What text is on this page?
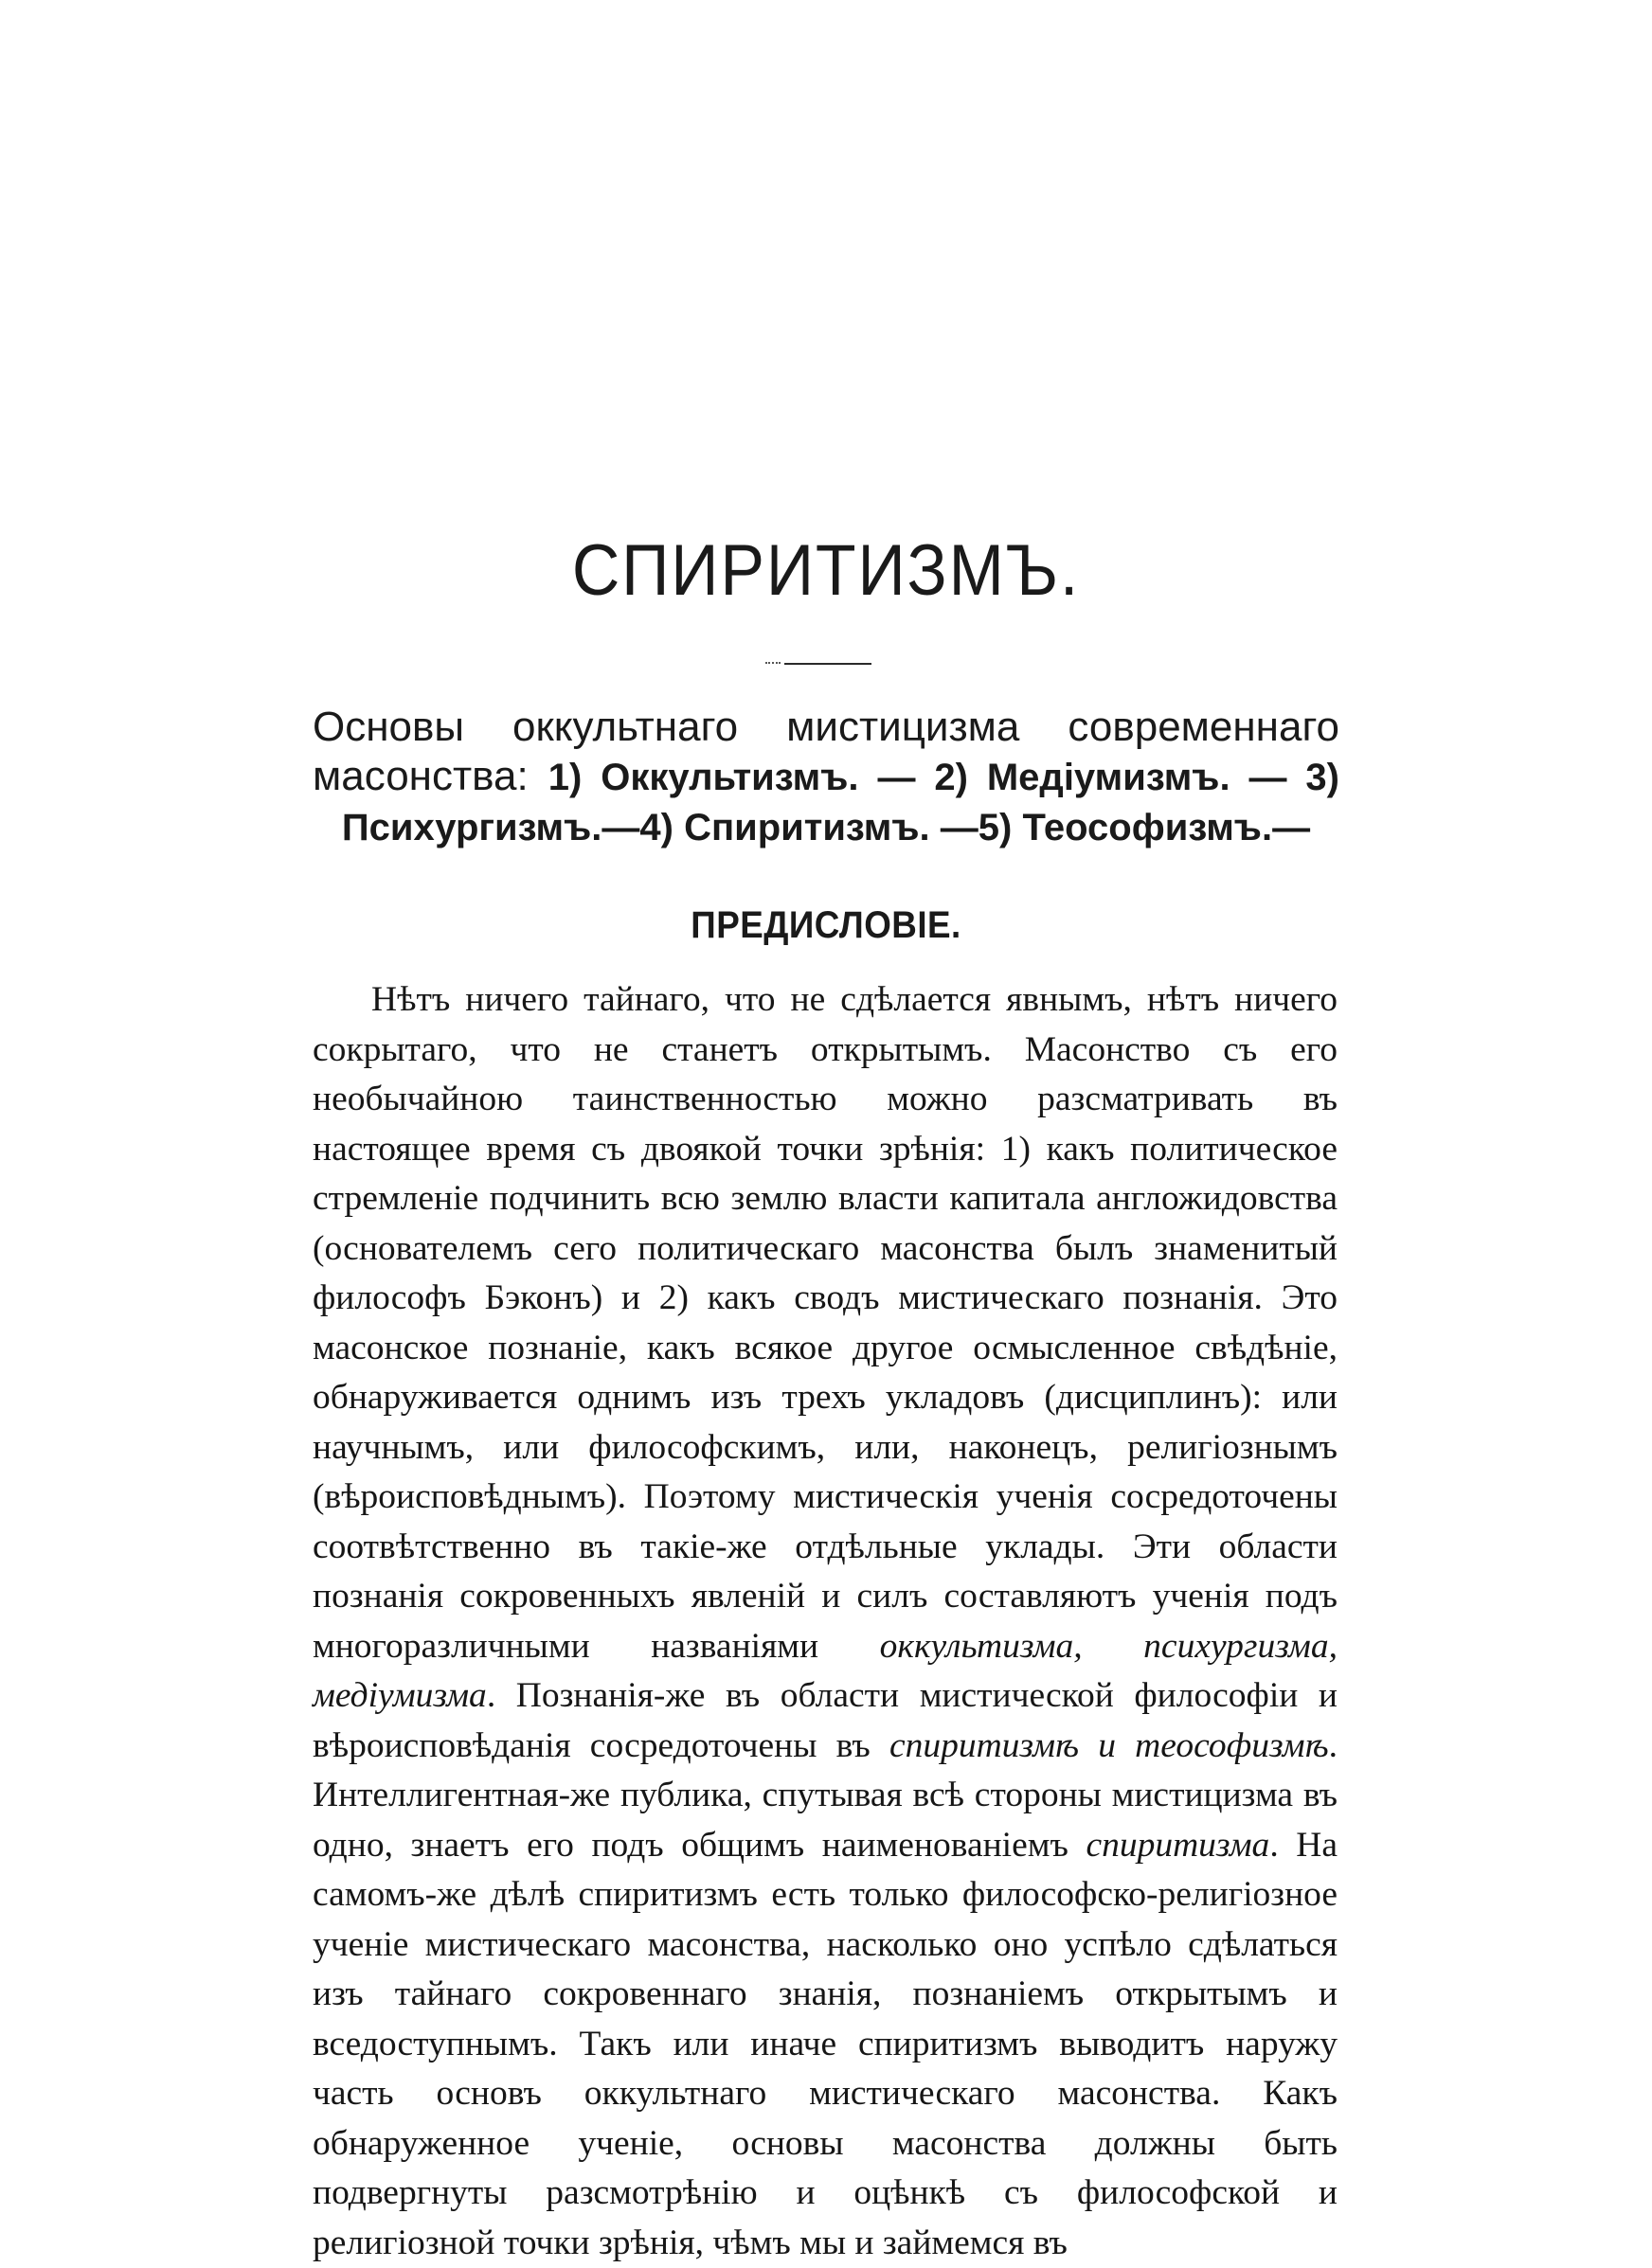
СПИРИТИЗМЪ.
Основы оккультнаго мистицизма современнаго масонства: 1) Оккультизмъ. — 2) Медіумизмъ. — 3) Психургизмъ.—4) Спиритизмъ. —5) Теософизмъ.—
ПРЕДИСЛОВІЕ.
Нѣтъ ничего тайнаго, что не сдѣлается явнымъ, нѣтъ ничего сокрытаго, что не станетъ открытымъ. Масонство съ его необычайною таинственностью можно разсматривать въ настоящее время съ двоякой точки зрѣнія: 1) какъ политическое стремленіе подчинить всю землю власти капитала англожидовства (основателемъ сего политическаго масонства былъ знаменитый философъ Бэконъ) и 2) какъ сводъ мистическаго познанія. Это масонское познаніе, какъ всякое другое осмысленное свѣдѣніе, обнаруживается однимъ изъ трехъ укладовъ (дисциплинъ): или научнымъ, или философскимъ, или, наконецъ, религіознымъ (вѣроисповѣднымъ). Поэтому мистическія ученія сосредоточены соотвѣтственно въ такіе-же отдѣльные уклады. Эти области познанія сокровенныхъ явленій и силъ составляютъ ученія подъ многоразличными названіями оккультизма, психургизма, медіумизма. Познанія-же въ области мистической философіи и вѣроисповѣданія сосредоточены въ спиритизмѣ и теософизмѣ. Интеллигентная-же публика, спутывая всѣ стороны мистицизма въ одно, знаетъ его подъ общимъ наименованіемъ спиритизма. На самомъ-же дѣлѣ спиритизмъ есть только философско-религіозное ученіе мистическаго масонства, насколько оно успѣло сдѣлаться изъ тайнаго сокровеннаго знанія, познаніемъ открытымъ и вседоступнымъ. Такъ или иначе спиритизмъ выводитъ наружу часть основъ оккультнаго мистическаго масонства. Какъ обнаруженное ученіе, основы масонства должны быть подвергнуты разсмотрѣнію и оцѣнкѣ съ философской и религіозной точки зрѣнія, чѣмъ мы и займемся въ
